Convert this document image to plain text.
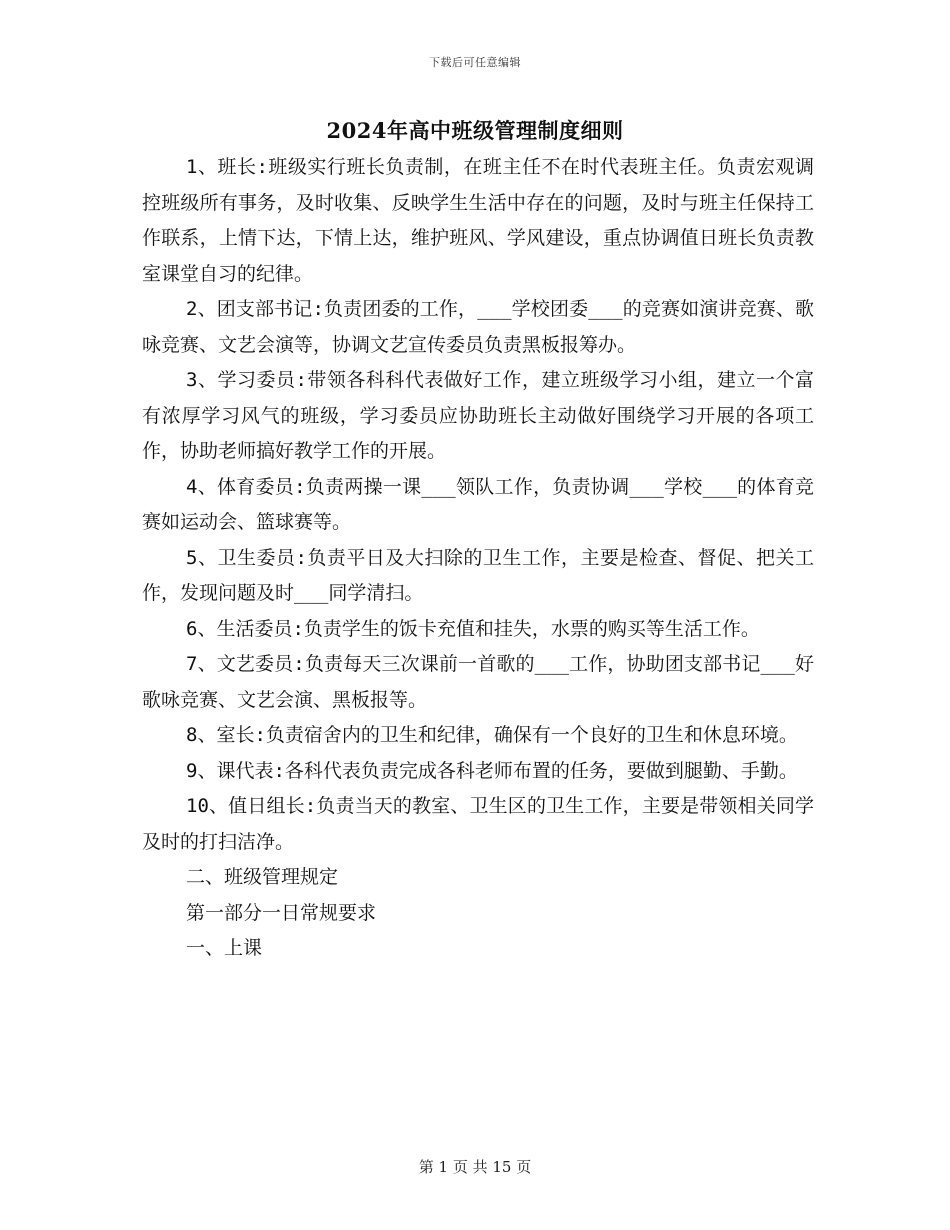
下载后可任意编辑
2024年高中班级管理制度细则

1、班长:班级实行班长负责制，在班主任不在时代表班主任。负责宏观调控班级所有事务，及时收集、反映学生生活中存在的问题，及时与班主任保持工作联系，上情下达，下情上达，维护班风、学风建设，重点协调值日班长负责教室课堂自习的纪律。

2、团支部书记:负责团委的工作，___学校团委___的竞赛如演讲竞赛、歌咏竞赛、文艺会演等，协调文艺宣传委员负责黑板报筹办。

3、学习委员:带领各科科代表做好工作，建立班级学习小组，建立一个富有浓厚学习风气的班级，学习委员应协助班长主动做好围绕学习开展的各项工作，协助老师搞好教学工作的开展。

4、体育委员:负责两操一课___领队工作，负责协调___学校___的体育竞赛如运动会、篮球赛等。

5、卫生委员:负责平日及大扫除的卫生工作，主要是检查、督促、把关工作，发现问题及时___同学清扫。

6、生活委员:负责学生的饭卡充值和挂失，水票的购买等生活工作。

7、文艺委员:负责每天三次课前一首歌的___工作，协助团支部书记___好歌咏竞赛、文艺会演、黑板报等。

8、室长:负责宿舍内的卫生和纪律，确保有一个良好的卫生和休息环境。

9、课代表:各科代表负责完成各科老师布置的任务，要做到腿勤、手勤。

10、值日组长:负责当天的教室、卫生区的卫生工作，主要是带领相关同学及时的打扫洁净。

二、班级管理规定

第一部分一日常规要求

一、上课

第 1 页 共 15 页
